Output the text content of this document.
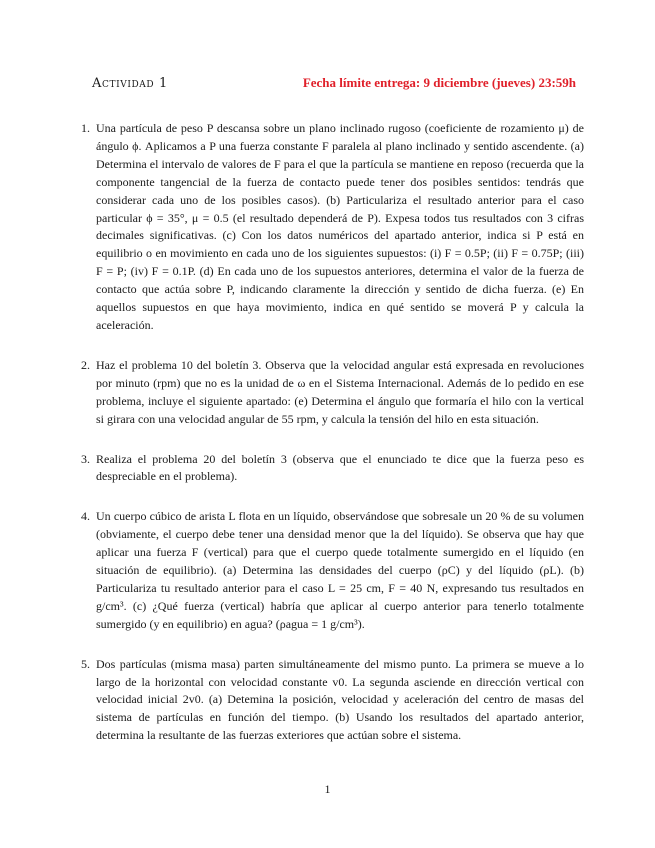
Actividad 1	Fecha límite entrega: 9 diciembre (jueves) 23:59h
1. Una partícula de peso P descansa sobre un plano inclinado rugoso (coeficiente de rozamiento μ) de ángulo ϕ. Aplicamos a P una fuerza constante F paralela al plano inclinado y sentido ascendente. (a) Determina el intervalo de valores de F para el que la partícula se mantiene en reposo (recuerda que la componente tangencial de la fuerza de contacto puede tener dos posibles sentidos: tendrás que considerar cada uno de los posibles casos). (b) Particulariza el resultado anterior para el caso particular ϕ = 35°, μ = 0.5 (el resultado dependerá de P). Expesa todos tus resultados con 3 cifras decimales significativas. (c) Con los datos numéricos del apartado anterior, indica si P está en equilibrio o en movimiento en cada uno de los siguientes supuestos: (i) F = 0.5P; (ii) F = 0.75P; (iii) F = P; (iv) F = 0.1P. (d) En cada uno de los supuestos anteriores, determina el valor de la fuerza de contacto que actúa sobre P, indicando claramente la dirección y sentido de dicha fuerza. (e) En aquellos supuestos en que haya movimiento, indica en qué sentido se moverá P y calcula la aceleración.
2. Haz el problema 10 del boletín 3. Observa que la velocidad angular está expresada en revoluciones por minuto (rpm) que no es la unidad de ω en el Sistema Internacional. Además de lo pedido en ese problema, incluye el siguiente apartado: (e) Determina el ángulo que formaría el hilo con la vertical si girara con una velocidad angular de 55 rpm, y calcula la tensión del hilo en esta situación.
3. Realiza el problema 20 del boletín 3 (observa que el enunciado te dice que la fuerza peso es despreciable en el problema).
4. Un cuerpo cúbico de arista L flota en un líquido, observándose que sobresale un 20 % de su volumen (obviamente, el cuerpo debe tener una densidad menor que la del líquido). Se observa que hay que aplicar una fuerza F (vertical) para que el cuerpo quede totalmente sumergido en el líquido (en situación de equilibrio). (a) Determina las densidades del cuerpo (ρC) y del líquido (ρL). (b) Particulariza tu resultado anterior para el caso L = 25 cm, F = 40 N, expresando tus resultados en g/cm³. (c) ¿Qué fuerza (vertical) habría que aplicar al cuerpo anterior para tenerlo totalmente sumergido (y en equilibrio) en agua? (ρagua = 1 g/cm³).
5. Dos partículas (misma masa) parten simultáneamente del mismo punto. La primera se mueve a lo largo de la horizontal con velocidad constante v0. La segunda asciende en dirección vertical con velocidad inicial 2v0. (a) Detemina la posición, velocidad y aceleración del centro de masas del sistema de partículas en función del tiempo. (b) Usando los resultados del apartado anterior, determina la resultante de las fuerzas exteriores que actúan sobre el sistema.
1
